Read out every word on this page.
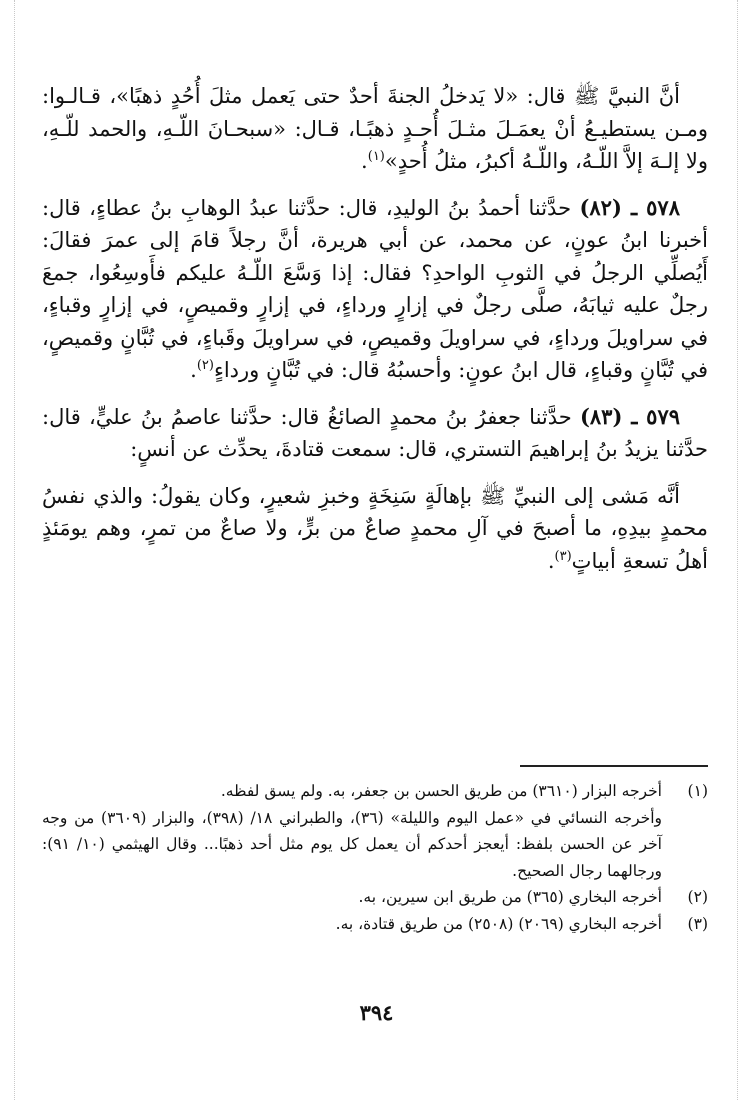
أنَّ النبيَّ ﷺ قال: «لا يَدخلُ الجنةَ أحدٌ حتى يَعمل مثلَ أُحُدٍ ذهبًا»، قـالـوا: ومـن يستطيـعُ أنْ يعمَـلَ مثـلَ أُحـدٍ ذهبًـا، قـال: «سبحـانَ اللّـهِ، والحمد للّـهِ، ولا إلـهَ إلاَّ اللّـهُ، واللّـهُ أكبرُ، مثلُ أُحدٍ»$^{(١)}$.

٥٧٨ ـ (٨٢) حدَّثنا أحمدُ بنُ الوليدِ، قال: حدَّثنا عبدُ الوهابِ بنُ عطاءٍ، قال: أخبرنا ابنُ عونٍ، عن محمد، عن أبي هريرة، أنَّ رجلاً قامَ إلى عمرَ فقالَ: أَيُصلِّي الرجلُ في الثوبِ الواحدِ؟ فقال: إذا وَسَّعَ اللّـهُ عليكم فأَوسِعُوا، جمعَ رجلٌ عليه ثيابَهُ، صلَّى رجلٌ في إزارٍ ورداءٍ، في إزارٍ وقميصٍ، في إزارٍ وقباءٍ، في سراويلَ ورداءٍ، في سراويلَ وقميصٍ، في سراويلَ وقَباءٍ، في تُبَّانٍ وقميصٍ، في تُبَّانٍ وقباءٍ، قال ابنُ عونٍ: وأحسبُهُ قال: في تُبَّانٍ ورداءٍ$^{(٢)}$.

٥٧٩ ـ (٨٣) حدَّثنا جعفرُ بنُ محمدٍ الصائغُ قال: حدَّثنا عاصمُ بنُ عليٍّ، قال: حدَّثنا يزيدُ بنُ إبراهيمَ التستري، قال: سمعت قتادةَ، يحدِّث عن أنسٍ:

أنَّه مَشى إلى النبيِّ ﷺ بإهالَةٍ سَنِخَةٍ وخبزِ شعيرٍ، وكان يقولُ: والذي نفسُ محمدٍ بيدِهِ، ما أصبحَ في آلِ محمدٍ صاعٌ من برٍّ، ولا صاعٌ من تمرٍ، وهم يومَئذٍ أهلُ تسعةِ أبياتٍ$^{(٣)}$.

(١)
أخرجه البزار (٣٦١٠) من طريق الحسن بن جعفر، به. ولم يسق لفظه.

وأخرجه النسائي في «عمل اليوم والليلة» (٣٦)، والطبراني ١٨/ (٣٩٨)، والبزار (٣٦٠٩) من وجه آخر عن الحسن بلفظ: أيعجز أحدكم أن يعمل كل يوم مثل أحد ذهبًا... وقال الهيثمي (١٠/ ٩١): ورجالهما رجال الصحيح.

(٢)
أخرجه البخاري (٣٦٥) من طريق ابن سيرين، به.

(٣)
أخرجه البخاري (٢٠٦٩) (٢٥٠٨) من طريق قتادة، به.

٣٩٤
